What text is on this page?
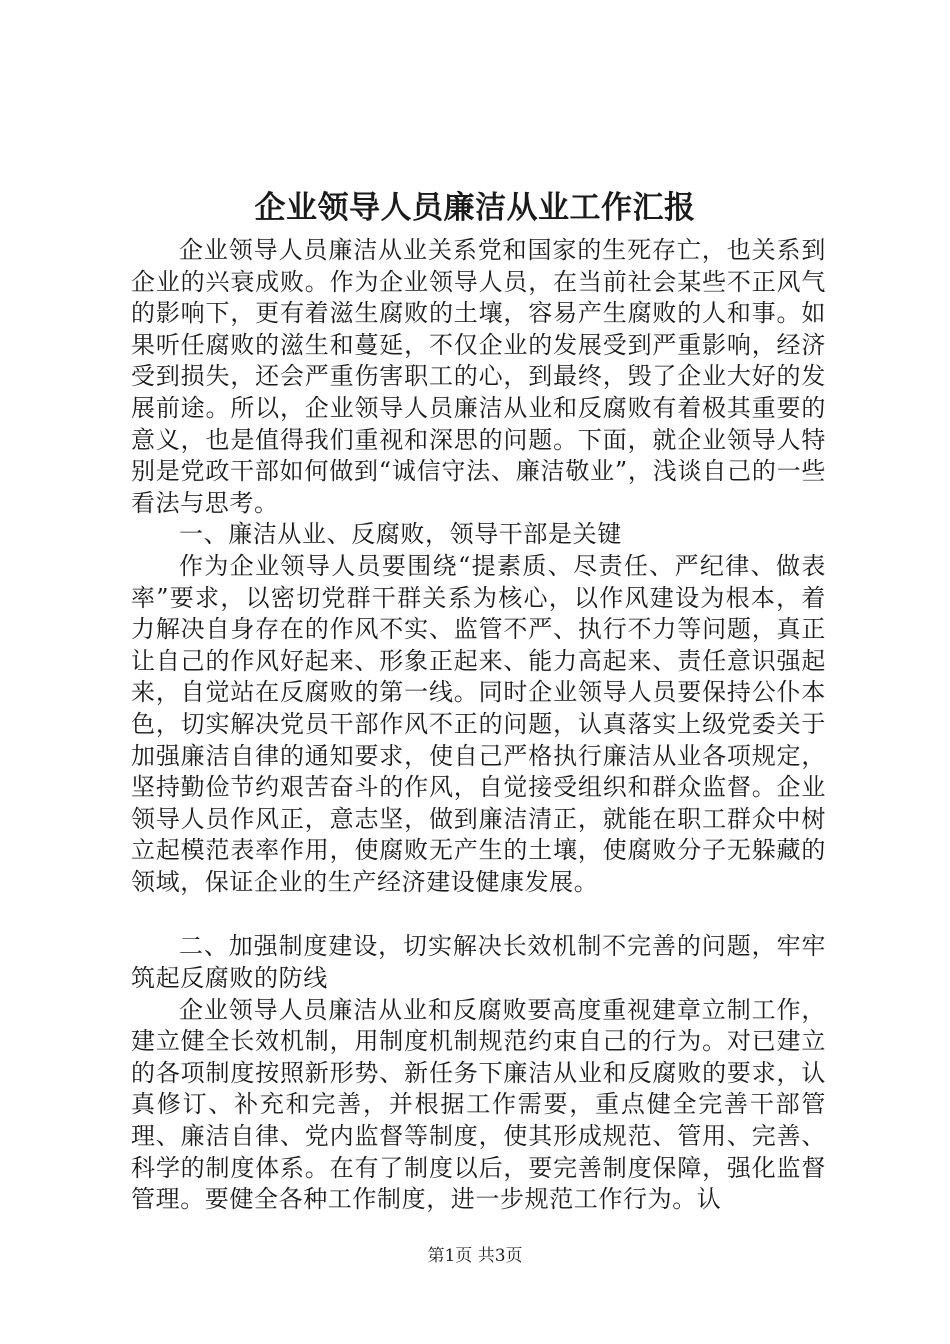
企业领导人员廉洁从业工作汇报

企业领导人员廉洁从业关系党和国家的生死存亡，也关系到企业的兴衰成败。作为企业领导人员，在当前社会某些不正风气的影响下，更有着滋生腐败的土壤，容易产生腐败的人和事。如果听任腐败的滋生和蔓延，不仅企业的发展受到严重影响，经济受到损失，还会严重伤害职工的心，到最终，毁了企业大好的发展前途。所以，企业领导人员廉洁从业和反腐败有着极其重要的意义，也是值得我们重视和深思的问题。下面，就企业领导人特别是党政干部如何做到“诚信守法、廉洁敬业”，浅谈自己的一些看法与思考。

一、廉洁从业、反腐败，领导干部是关键

作为企业领导人员要围绕“提素质、尽责任、严纪律、做表率”要求，以密切党群干群关系为核心，以作风建设为根本，着力解决自身存在的作风不实、监管不严、执行不力等问题，真正让自己的作风好起来、形象正起来、能力高起来、责任意识强起来，自觉站在反腐败的第一线。同时企业领导人员要保持公仆本色，切实解决党员干部作风不正的问题，认真落实上级党委关于加强廉洁自律的通知要求，使自己严格执行廉洁从业各项规定，坚持勤俭节约艰苦奋斗的作风，自觉接受组织和群众监督。企业领导人员作风正，意志坚，做到廉洁清正，就能在职工群众中树立起模范表率作用，使腐败无产生的土壤，使腐败分子无躲藏的领域，保证企业的生产经济建设健康发展。

二、加强制度建设，切实解决长效机制不完善的问题，牢牢筑起反腐败的防线

企业领导人员廉洁从业和反腐败要高度重视建章立制工作，建立健全长效机制，用制度机制规范约束自己的行为。对已建立的各项制度按照新形势、新任务下廉洁从业和反腐败的要求，认真修订、补充和完善，并根据工作需要，重点健全完善干部管理、廉洁自律、党内监督等制度，使其形成规范、管用、完善、科学的制度体系。在有了制度以后，要完善制度保障，强化监督管理。要健全各种工作制度，进一步规范工作行为。认

第1页 共3页
